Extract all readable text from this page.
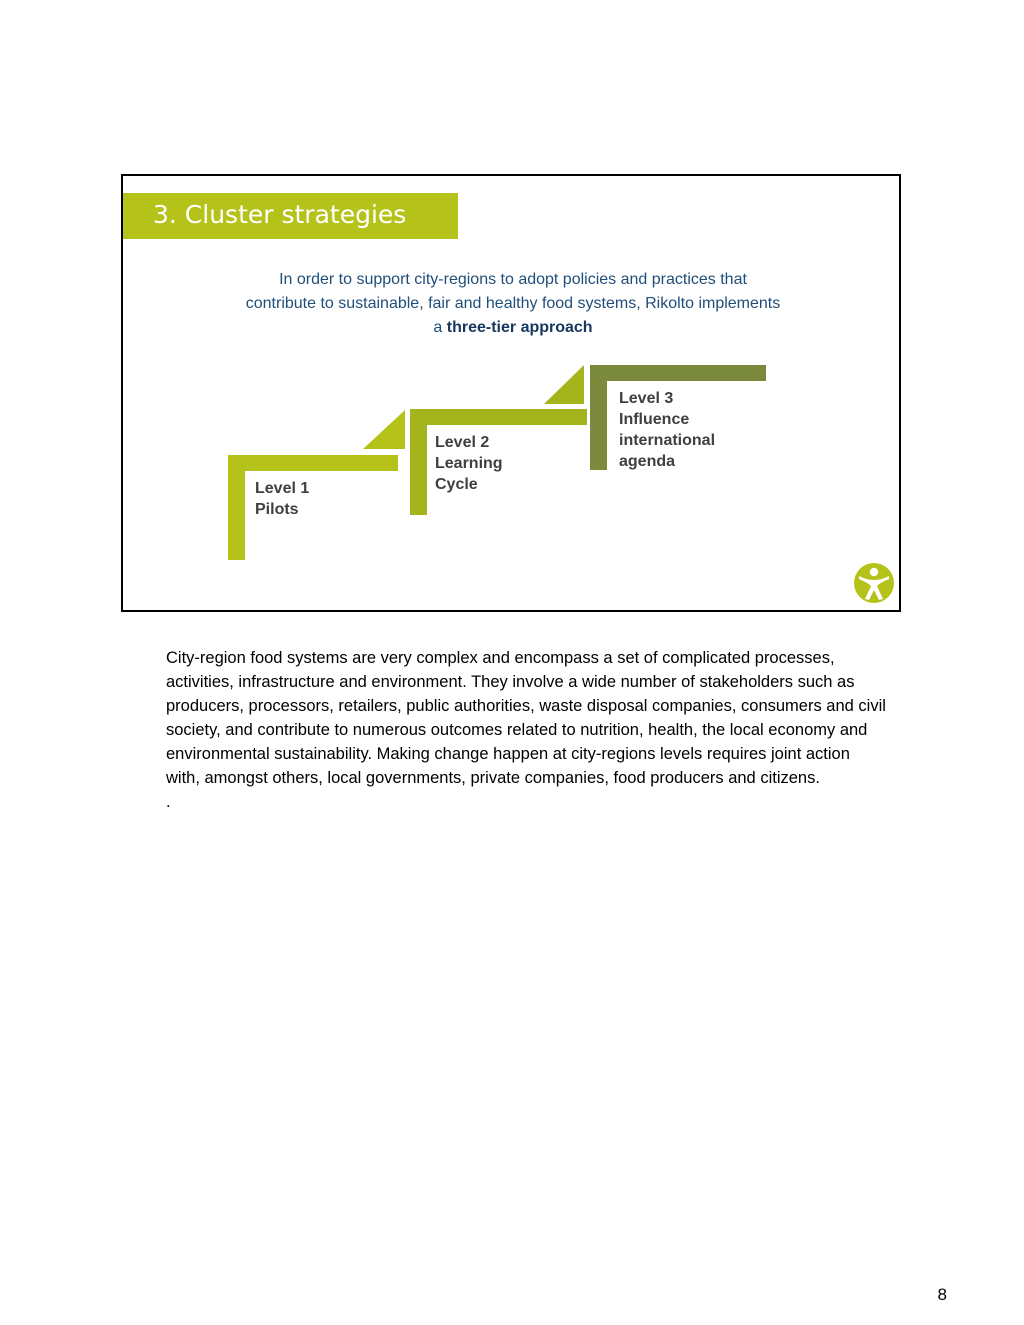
3. Cluster strategies
In order to support city-regions to adopt policies and practices that
contribute to sustainable, fair and healthy food systems, Rikolto implements
a three-tier approach
Level 1
Pilots
Level 2
Learning
Cycle
Level 3
Influence
international
agenda

City-region food systems are very complex and encompass a set of complicated processes, activities, infrastructure and environment. They involve a wide number of stakeholders such as producers, processors, retailers, public authorities, waste disposal companies, consumers and civil society, and contribute to numerous outcomes related to nutrition, health, the local economy and environmental sustainability. Making change happen at city-regions levels requires joint action with, amongst others, local governments, private companies, food producers and citizens.

.

8
